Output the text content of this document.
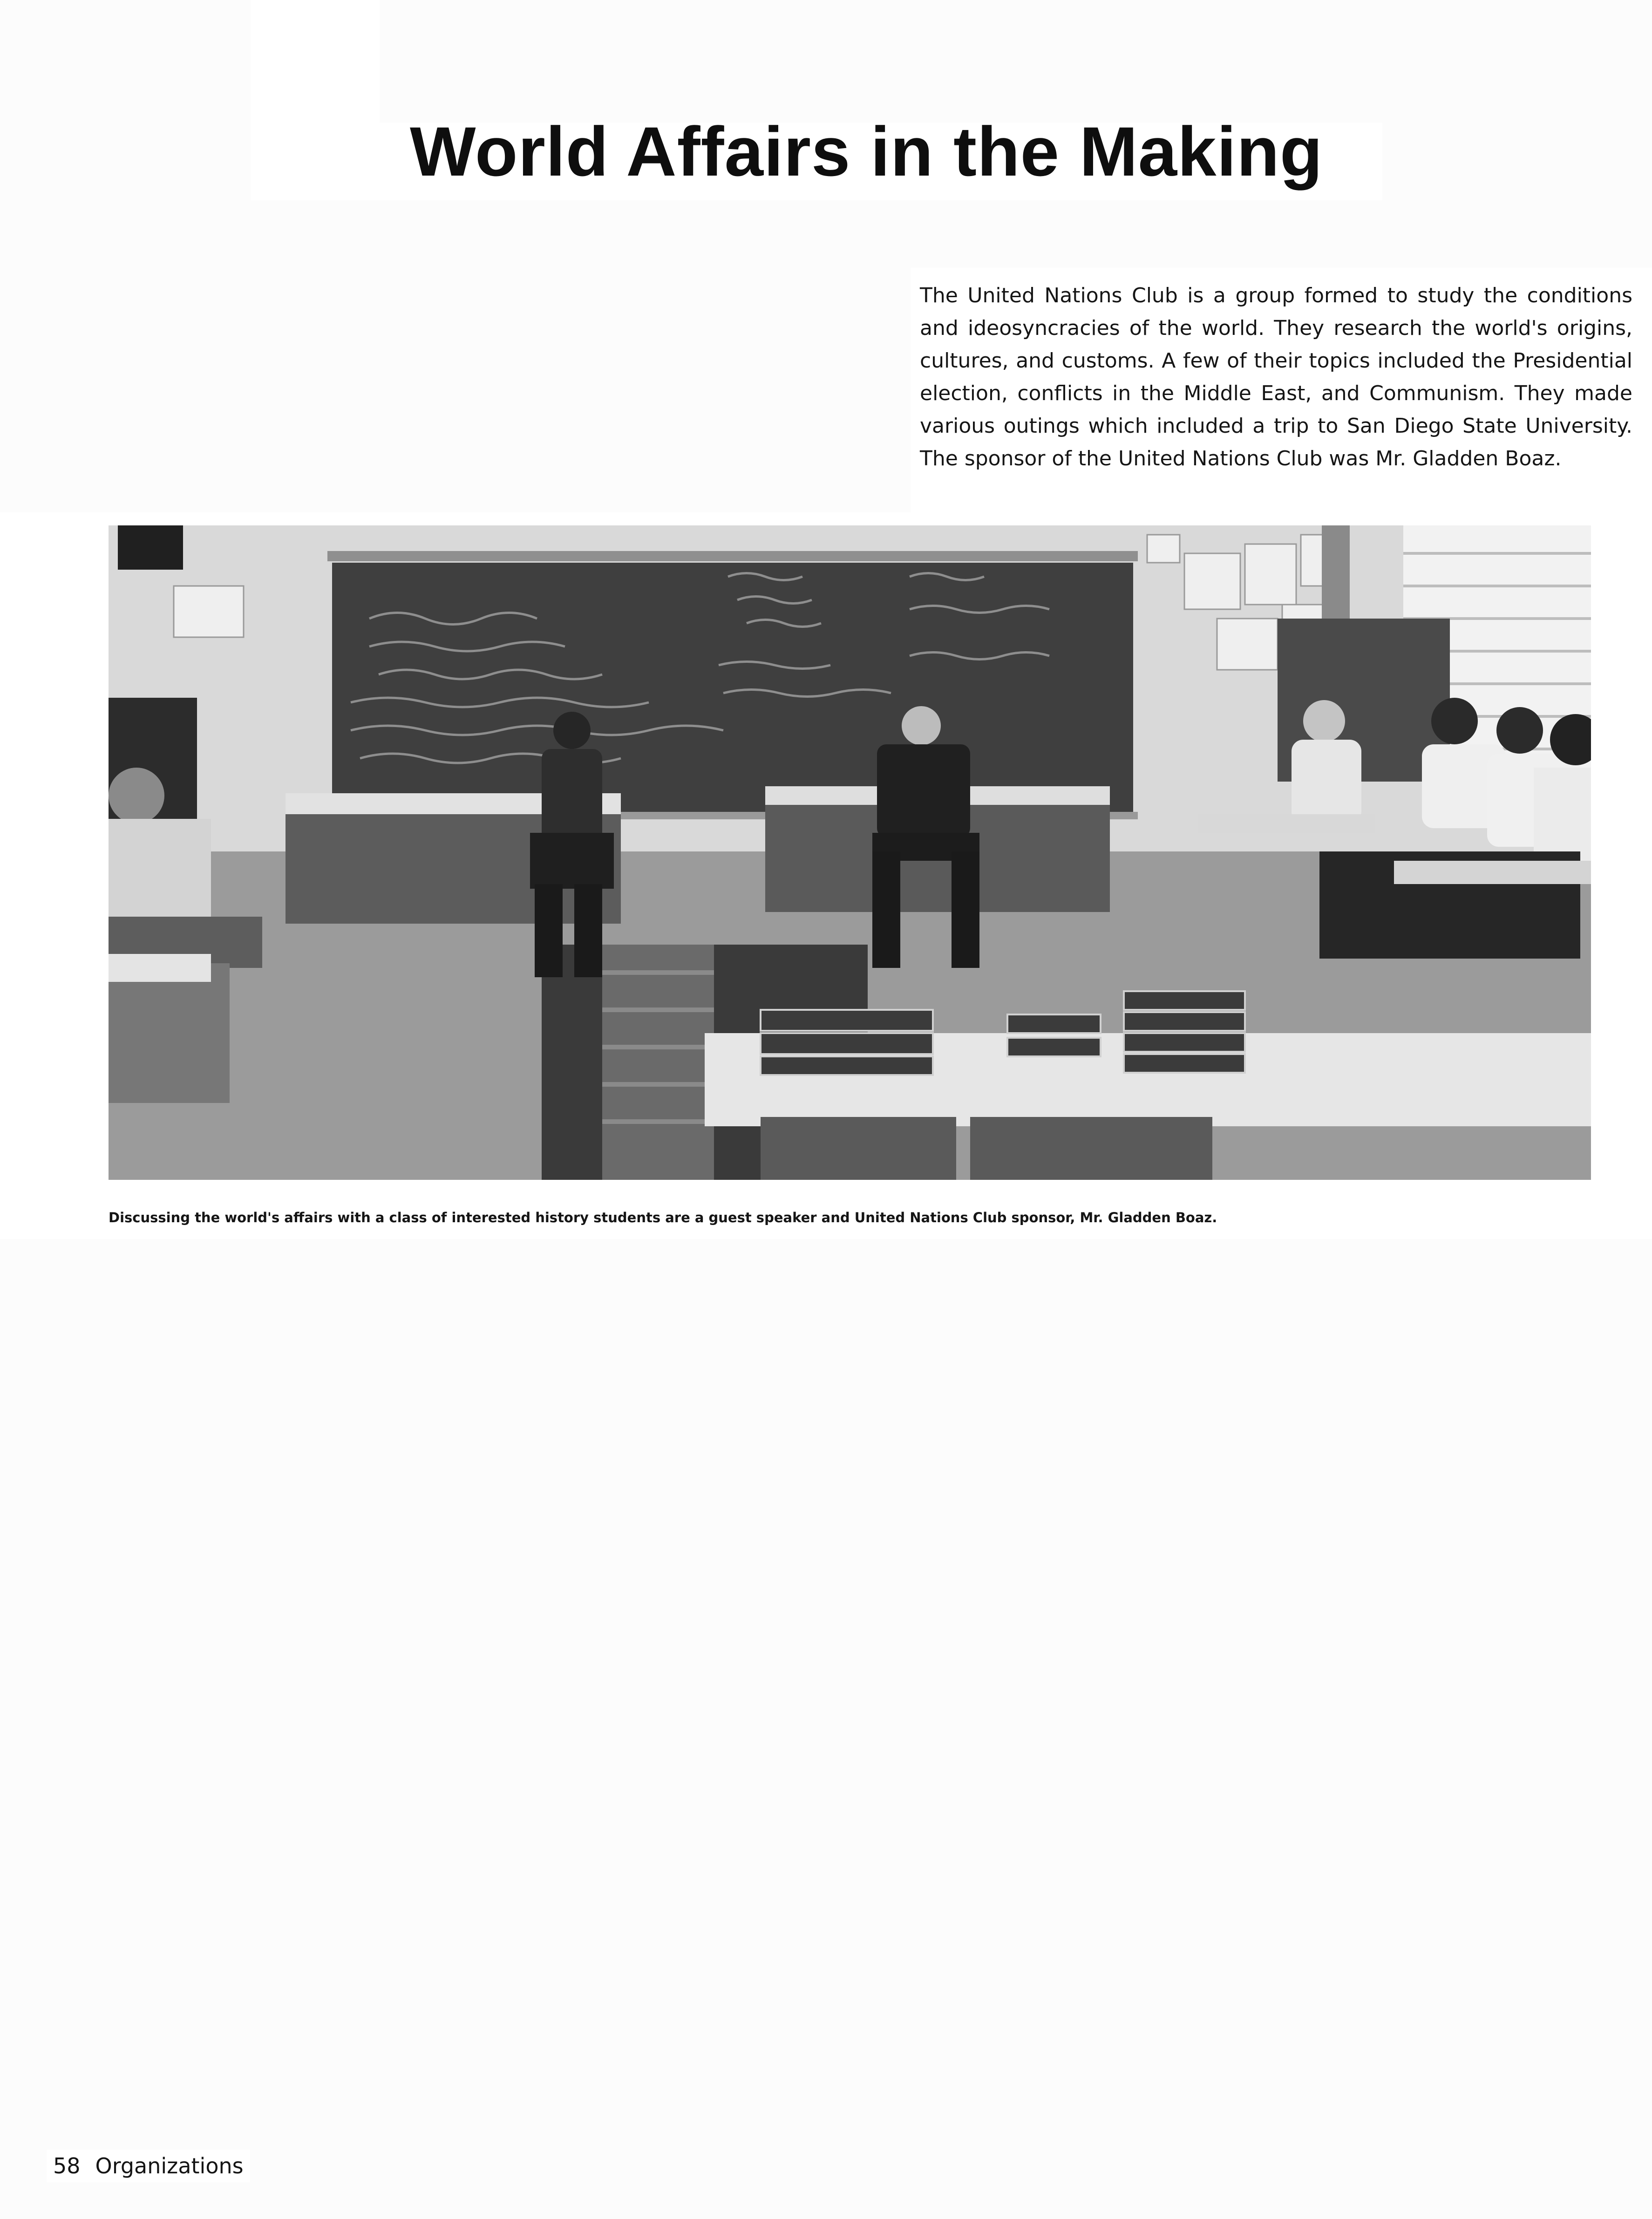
World Affairs in the Making

The United Nations Club is a group formed to study the conditions and ideosyncracies of the world. They research the world's origins, cultures, and customs. A few of their topics included the Presidential election, conflicts in the Middle East, and Communism. They made various outings which included a trip to San Diego State University. The sponsor of the United Nations Club was Mr. Gladden Boaz.

Discussing the world's affairs with a class of interested history students are a guest speaker and United Nations Club sponsor, Mr. Gladden Boaz.

58 Organizations
